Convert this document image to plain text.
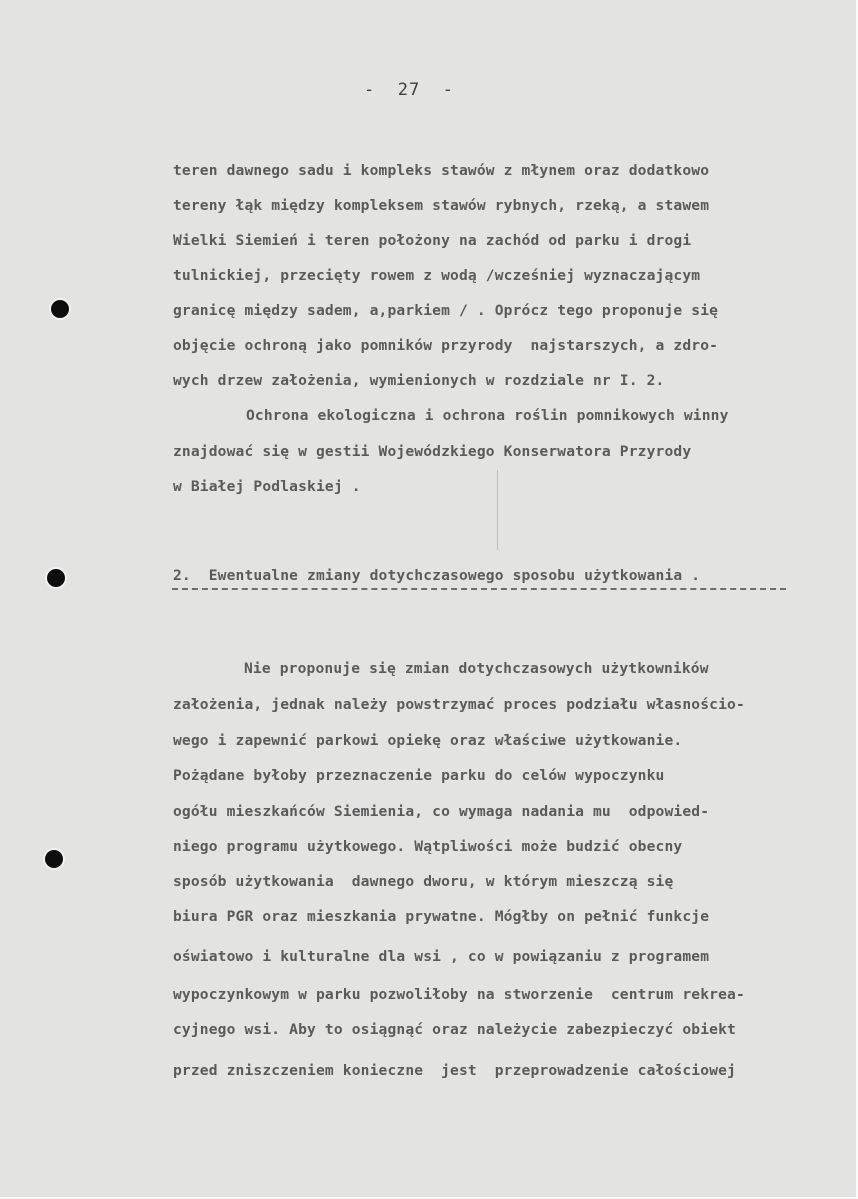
-  27  -
teren dawnego sadu i kompleks stawów z młynem oraz dodatkowo
tereny łąk między kompleksem stawów rybnych, rzeką, a stawem
Wielki Siemień i teren położony na zachód od parku i drogi
tulnickiej, przecięty rowem z wodą /wcześniej wyznaczającym
granicę między sadem, a,parkiem / . Oprócz tego proponuje się
objęcie ochroną jako pomników przyrody  najstarszych, a zdro-
wych drzew założenia, wymienionych w rozdziale nr I. 2.
Ochrona ekologiczna i ochrona roślin pomnikowych winny
znajdować się w gestii Wojewódzkiego Konserwatora Przyrody
w Białej Podlaskiej .
2.  Ewentualne zmiany dotychczasowego sposobu użytkowania .
Nie proponuje się zmian dotychczasowych użytkowników
założenia, jednak należy powstrzymać proces podziału własnościo-
wego i zapewnić parkowi opiekę oraz właściwe użytkowanie.
Pożądane byłoby przeznaczenie parku do celów wypoczynku
ogółu mieszkańców Siemienia, co wymaga nadania mu  odpowied-
niego programu użytkowego. Wątpliwości może budzić obecny
sposób użytkowania  dawnego dworu, w którym mieszczą się
biura PGR oraz mieszkania prywatne. Mógłby on pełnić funkcje
oświatowo i kulturalne dla wsi , co w powiązaniu z programem
wypoczynkowym w parku pozwoliłoby na stworzenie  centrum rekrea-
cyjnego wsi. Aby to osiągnąć oraz należycie zabezpieczyć obiekt
przed zniszczeniem konieczne  jest  przeprowadzenie całościowej
